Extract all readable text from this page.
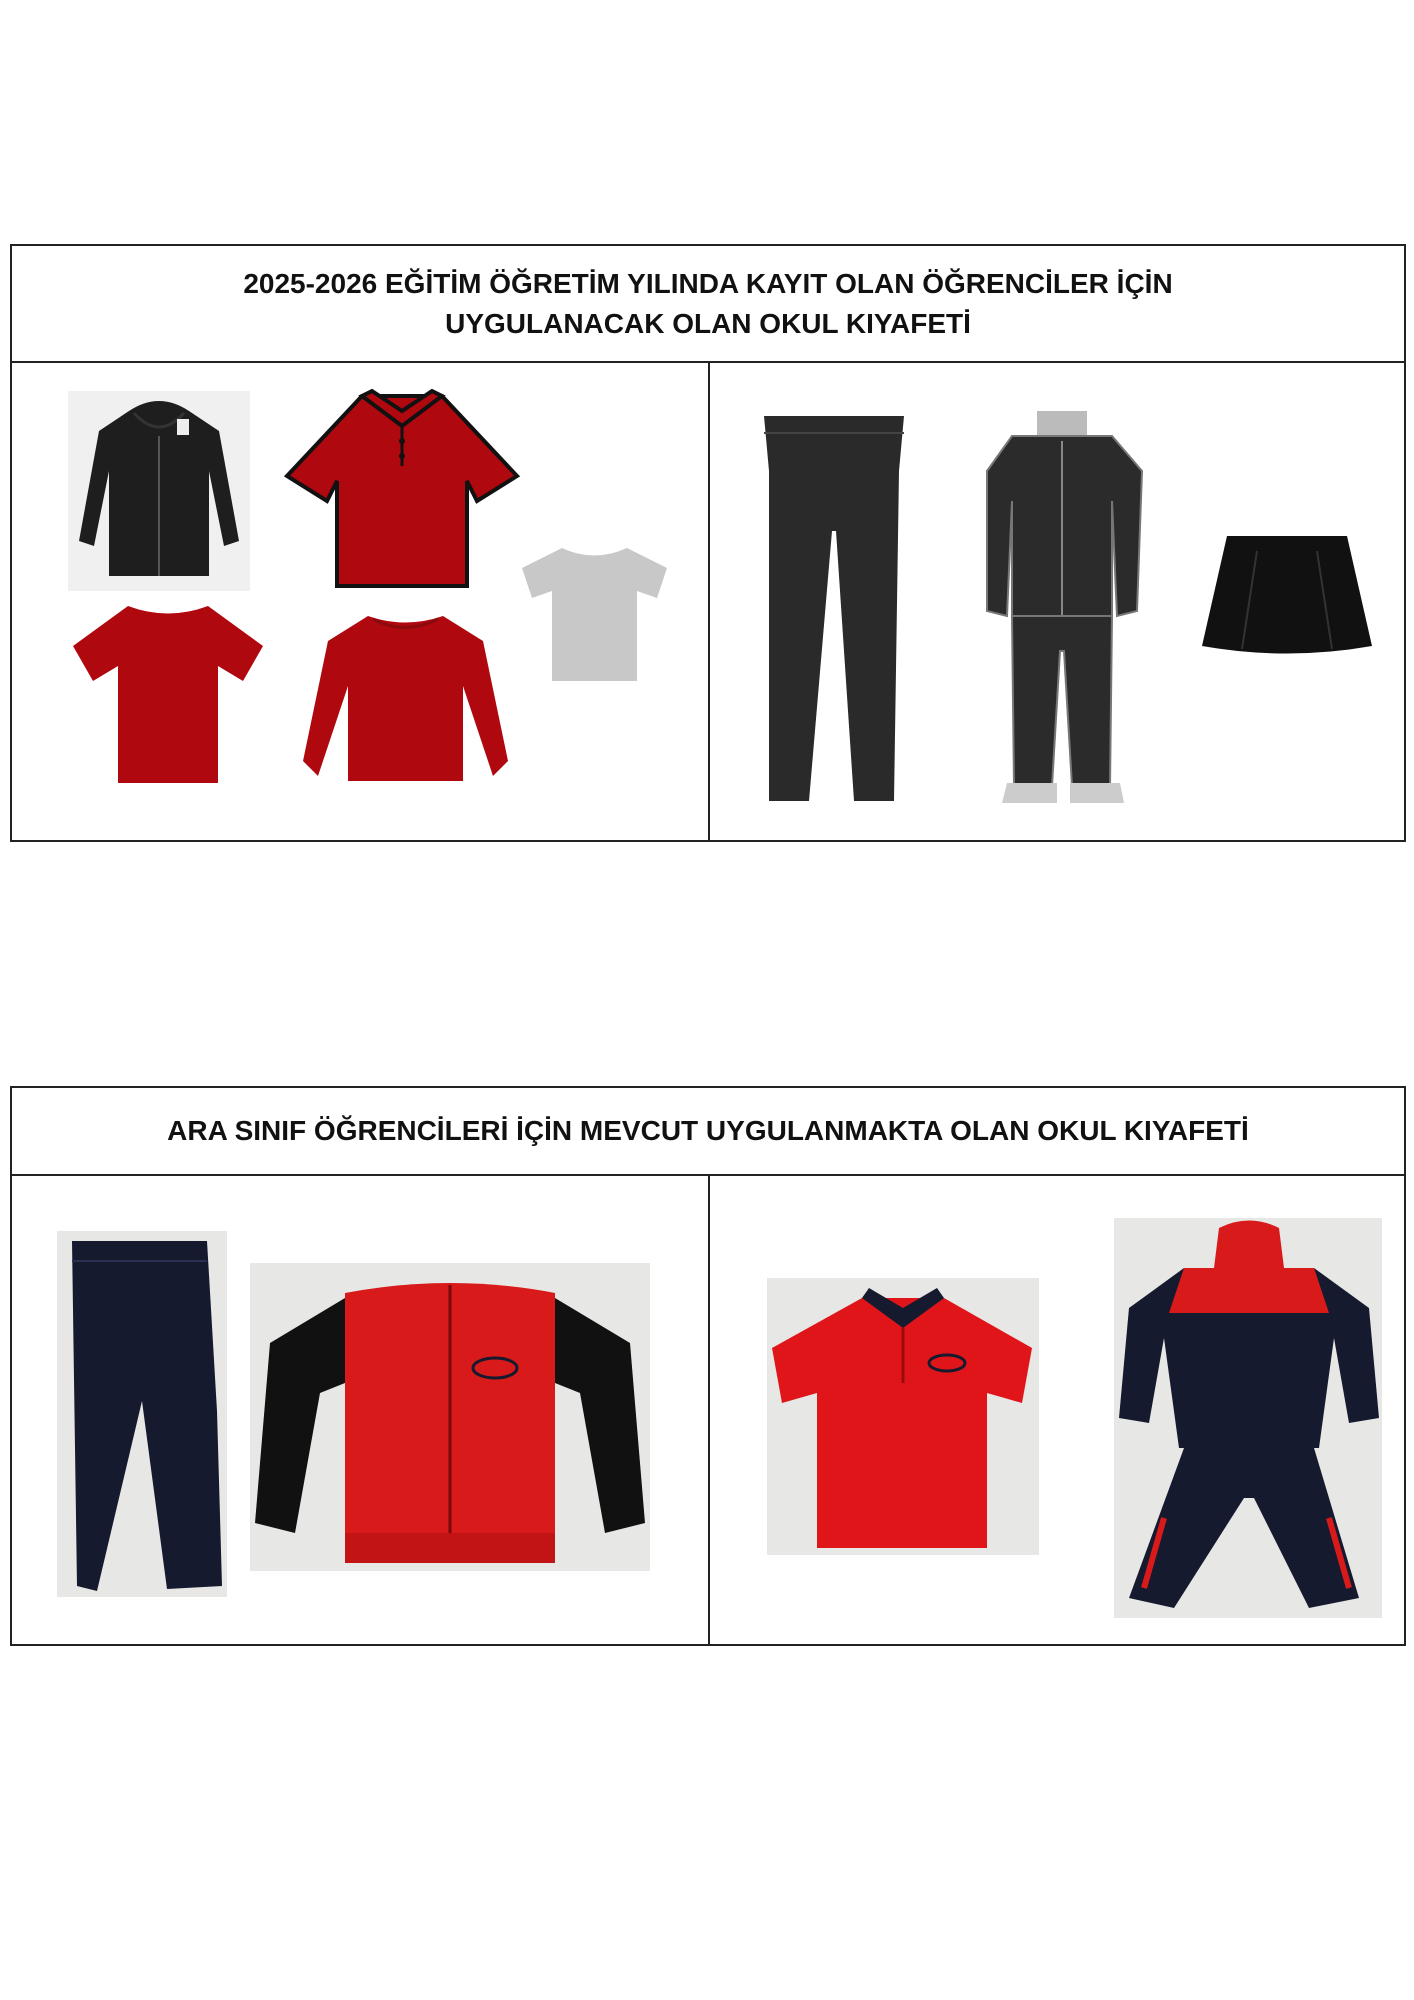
2025-2026 EĞİTİM ÖĞRETİM YILINDA KAYIT OLAN ÖĞRENCİLER İÇİN
UYGULANACAK OLAN OKUL KIYAFETİ
ARA SINIF ÖĞRENCİLERİ İÇİN MEVCUT UYGULANMAKTA OLAN OKUL KIYAFETİ
